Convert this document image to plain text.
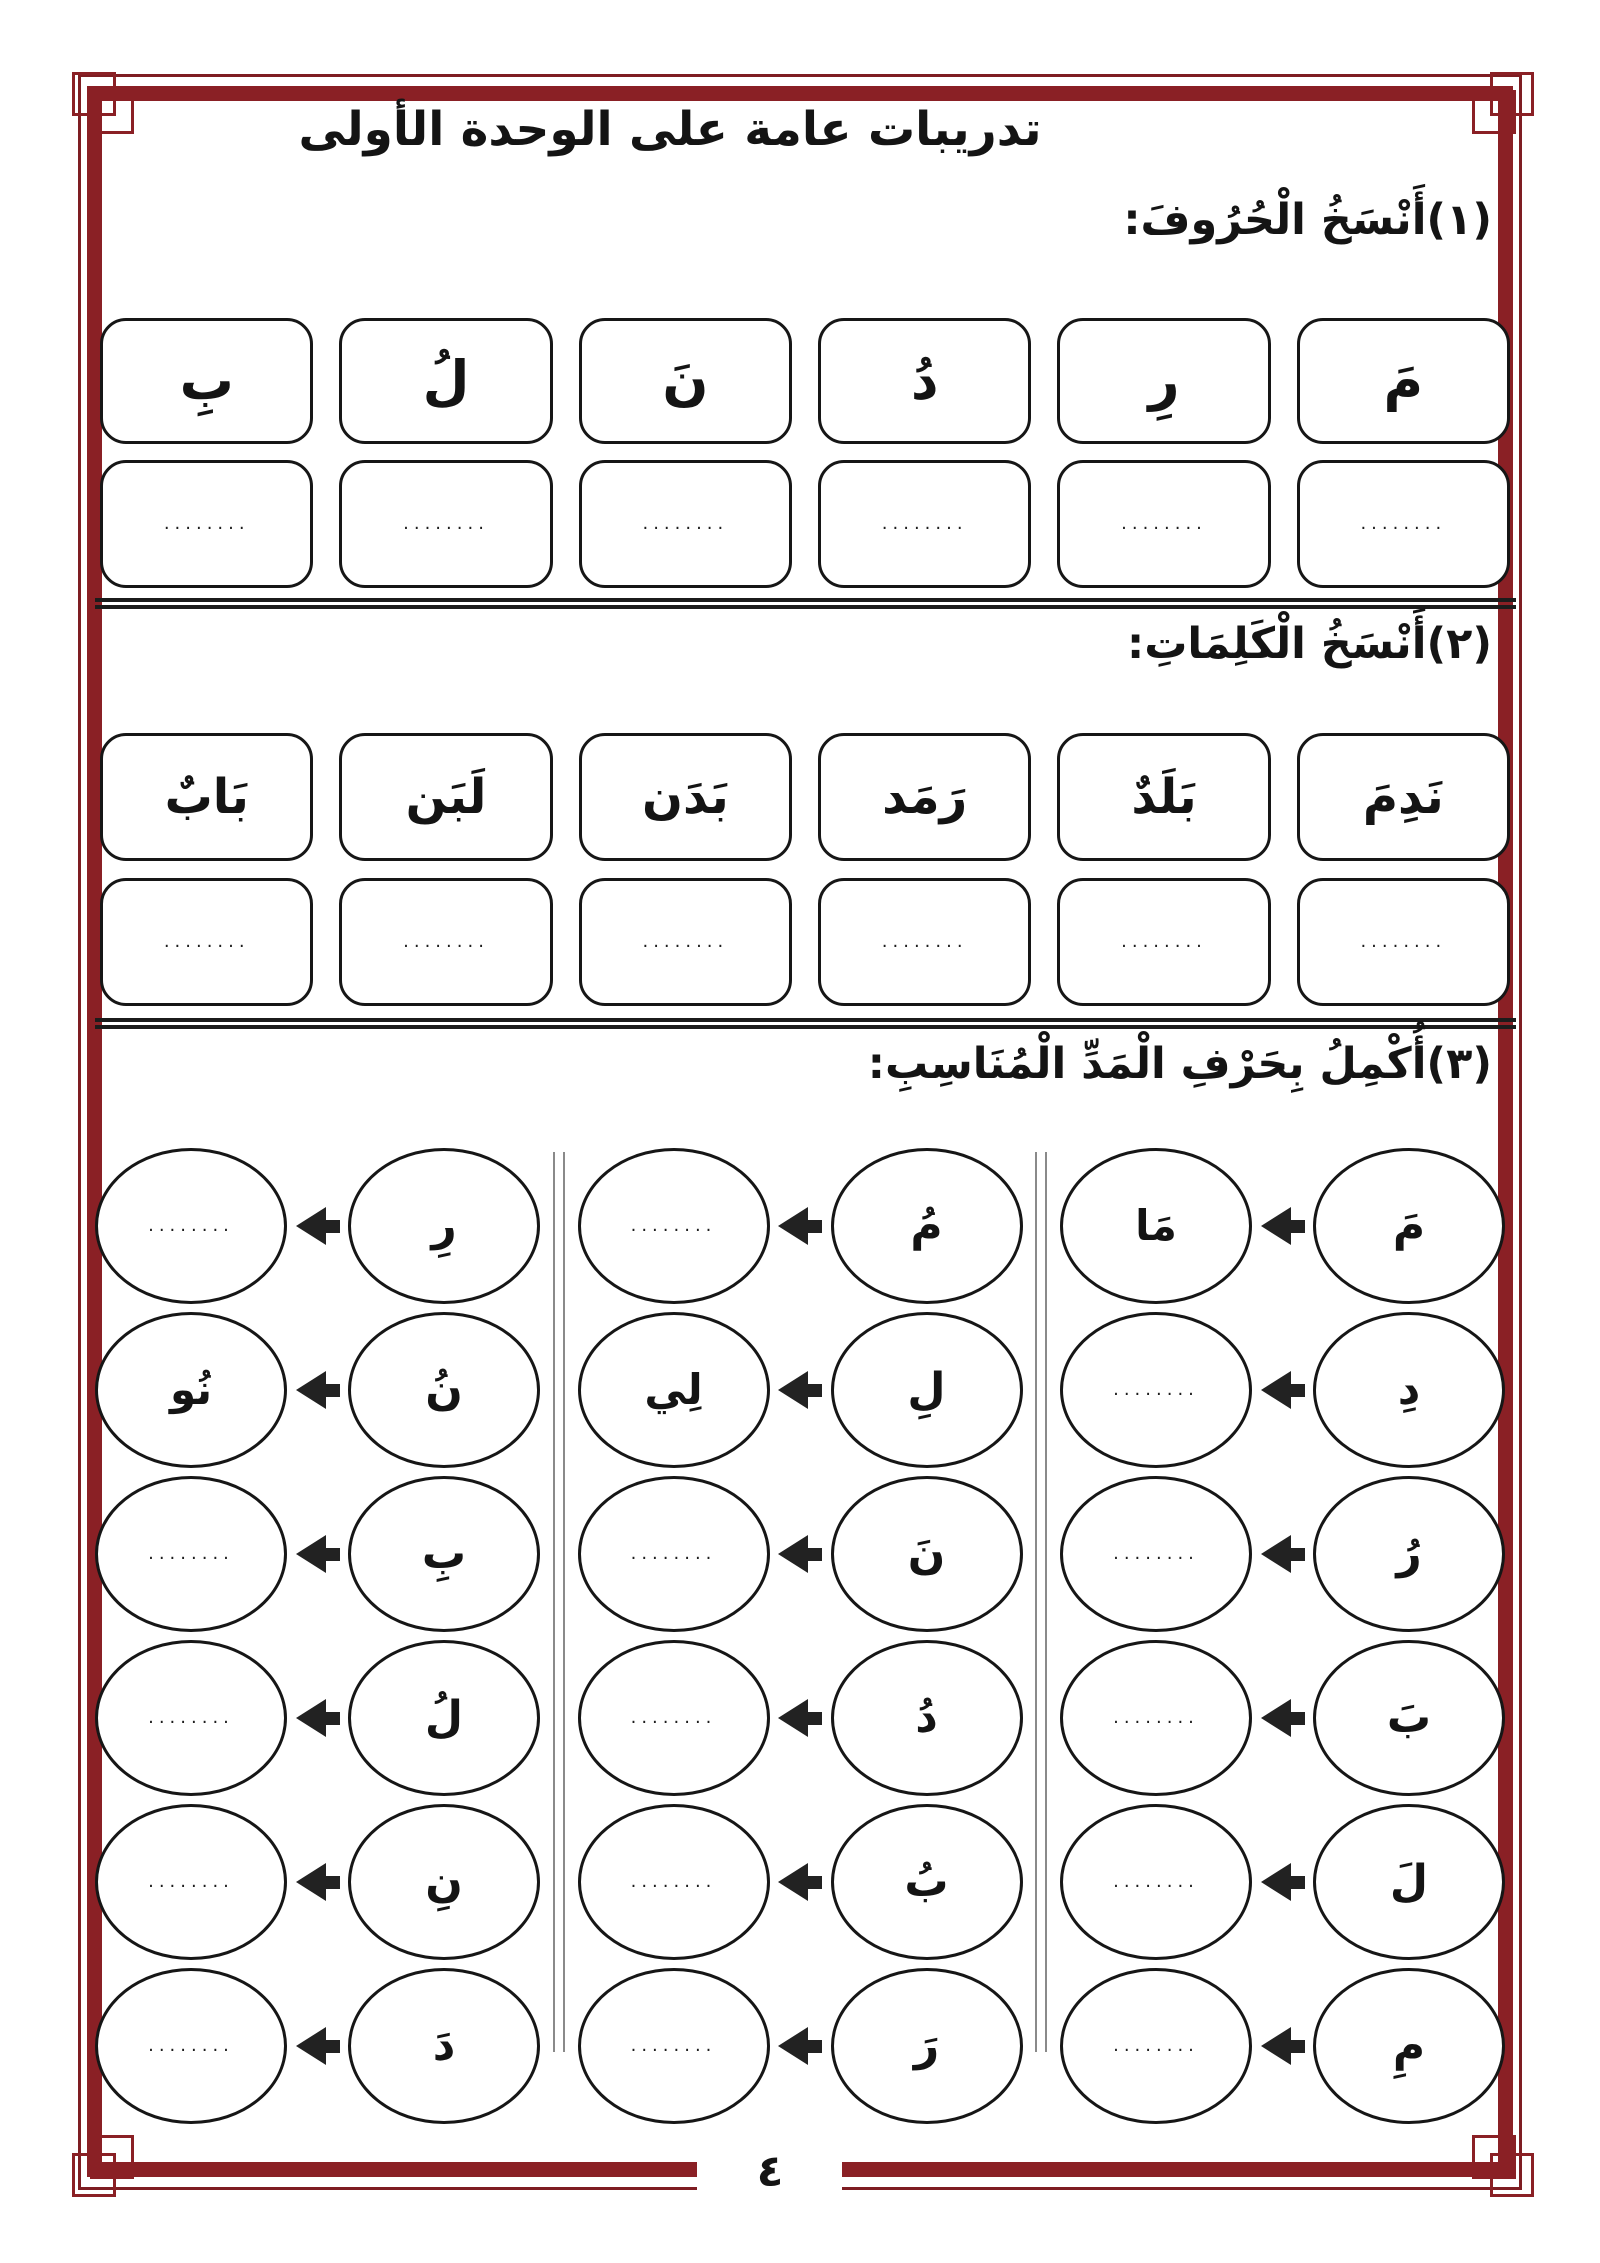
تدريبات عامة على الوحدة الأولى
(١)أَنْسَخُ الْحُرُوفَ:
مَ
رِ
دُ
نَ
لُ
بِ
........
........
........
........
........
........
(٢)أَنْسَخُ الْكَلِمَاتِ:
نَدِمَ
بَلَدٌ
رَمَد
بَدَن
لَبَن
بَابٌ
........
........
........
........
........
........
(٣)أُكْمِلُ بِحَرْفِ الْمَدِّ الْمُنَاسِبِ:
مَ
مَا
دِ
........
رُ
........
بَ
........
لَ
........
مِ
........
مُ
........
لِ
لِي
نَ
........
دُ
........
بُ
........
رَ
........
رِ
........
نُ
نُو
بِ
........
لُ
........
نِ
........
دَ
........
٤
